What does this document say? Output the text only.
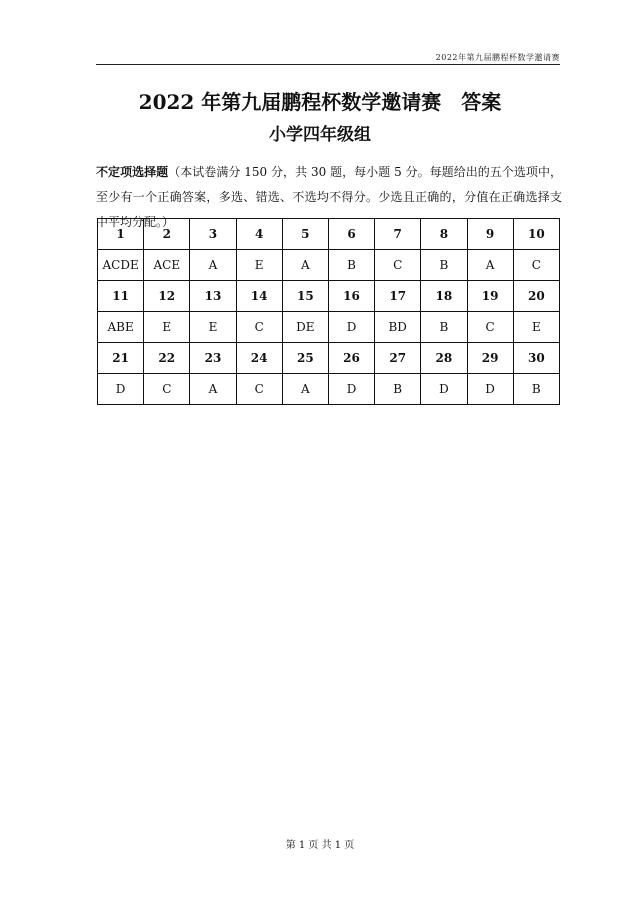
2022年第九届鹏程杯数学邀请赛
2022 年第九届鹏程杯数学邀请赛　答案
小学四年级组
不定项选择题（本试卷满分 150 分，共 30 题，每小题 5 分。每题给出的五个选项中，至少有一个正确答案，多选、错选、不选均不得分。少选且正确的，分值在正确选择支中平均分配。）
1	2	3	4	5	6	7	8	9	10
ACDE	ACE	A	E	A	B	C	B	A	C
11	12	13	14	15	16	17	18	19	20
ABE	E	E	C	DE	D	BD	B	C	E
21	22	23	24	25	26	27	28	29	30
D	C	A	C	A	D	B	D	D	B
第 1 页 共 1 页
